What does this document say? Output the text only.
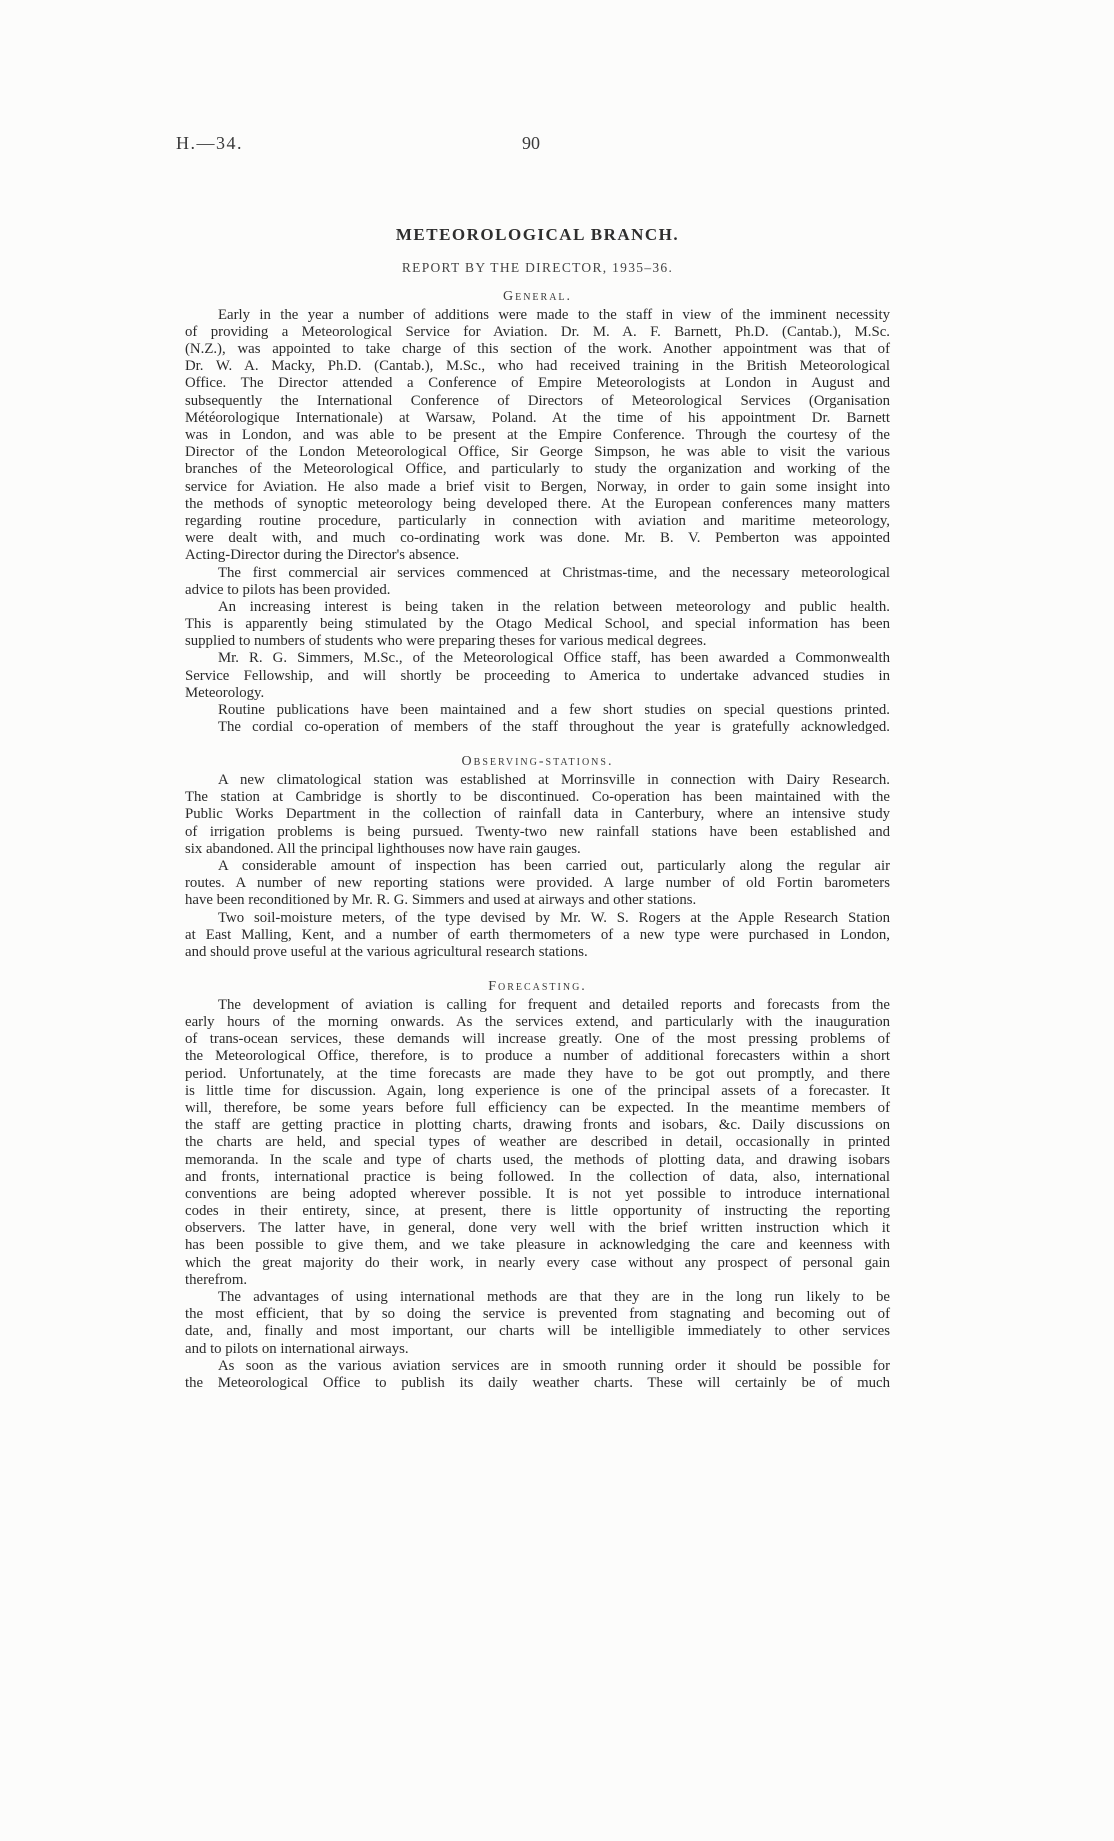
H.—34.	90
METEOROLOGICAL BRANCH.
REPORT BY THE DIRECTOR, 1935–36.
General.
Early in the year a number of additions were made to the staff in view of the imminent necessity
of providing a Meteorological Service for Aviation. Dr. M. A. F. Barnett, Ph.D. (Cantab.), M.Sc.
(N.Z.), was appointed to take charge of this section of the work. Another appointment was that of
Dr. W. A. Macky, Ph.D. (Cantab.), M.Sc., who had received training in the British Meteorological
Office. The Director attended a Conference of Empire Meteorologists at London in August and
subsequently the International Conference of Directors of Meteorological Services (Organisation
Météorologique Internationale) at Warsaw, Poland. At the time of his appointment Dr. Barnett
was in London, and was able to be present at the Empire Conference. Through the courtesy of the
Director of the London Meteorological Office, Sir George Simpson, he was able to visit the various
branches of the Meteorological Office, and particularly to study the organization and working of the
service for Aviation. He also made a brief visit to Bergen, Norway, in order to gain some insight into
the methods of synoptic meteorology being developed there. At the European conferences many matters
regarding routine procedure, particularly in connection with aviation and maritime meteorology,
were dealt with, and much co-ordinating work was done. Mr. B. V. Pemberton was appointed
Acting-Director during the Director's absence.
The first commercial air services commenced at Christmas-time, and the necessary meteorological
advice to pilots has been provided.
An increasing interest is being taken in the relation between meteorology and public health.
This is apparently being stimulated by the Otago Medical School, and special information has been
supplied to numbers of students who were preparing theses for various medical degrees.
Mr. R. G. Simmers, M.Sc., of the Meteorological Office staff, has been awarded a Commonwealth
Service Fellowship, and will shortly be proceeding to America to undertake advanced studies in
Meteorology.
Routine publications have been maintained and a few short studies on special questions printed.
The cordial co-operation of members of the staff throughout the year is gratefully acknowledged.
Observing-stations.
A new climatological station was established at Morrinsville in connection with Dairy Research.
The station at Cambridge is shortly to be discontinued. Co-operation has been maintained with the
Public Works Department in the collection of rainfall data in Canterbury, where an intensive study
of irrigation problems is being pursued. Twenty-two new rainfall stations have been established and
six abandoned. All the principal lighthouses now have rain gauges.
A considerable amount of inspection has been carried out, particularly along the regular air
routes. A number of new reporting stations were provided. A large number of old Fortin barometers
have been reconditioned by Mr. R. G. Simmers and used at airways and other stations.
Two soil-moisture meters, of the type devised by Mr. W. S. Rogers at the Apple Research Station
at East Malling, Kent, and a number of earth thermometers of a new type were purchased in London,
and should prove useful at the various agricultural research stations.
Forecasting.
The development of aviation is calling for frequent and detailed reports and forecasts from the
early hours of the morning onwards. As the services extend, and particularly with the inauguration
of trans-ocean services, these demands will increase greatly. One of the most pressing problems of
the Meteorological Office, therefore, is to produce a number of additional forecasters within a short
period. Unfortunately, at the time forecasts are made they have to be got out promptly, and there
is little time for discussion. Again, long experience is one of the principal assets of a forecaster. It
will, therefore, be some years before full efficiency can be expected. In the meantime members of
the staff are getting practice in plotting charts, drawing fronts and isobars, &c. Daily discussions on
the charts are held, and special types of weather are described in detail, occasionally in printed
memoranda. In the scale and type of charts used, the methods of plotting data, and drawing isobars
and fronts, international practice is being followed. In the collection of data, also, international
conventions are being adopted wherever possible. It is not yet possible to introduce international
codes in their entirety, since, at present, there is little opportunity of instructing the reporting
observers. The latter have, in general, done very well with the brief written instruction which it
has been possible to give them, and we take pleasure in acknowledging the care and keenness with
which the great majority do their work, in nearly every case without any prospect of personal gain
therefrom.
The advantages of using international methods are that they are in the long run likely to be
the most efficient, that by so doing the service is prevented from stagnating and becoming out of
date, and, finally and most important, our charts will be intelligible immediately to other services
and to pilots on international airways.
As soon as the various aviation services are in smooth running order it should be possible for
the Meteorological Office to publish its daily weather charts. These will certainly be of much
